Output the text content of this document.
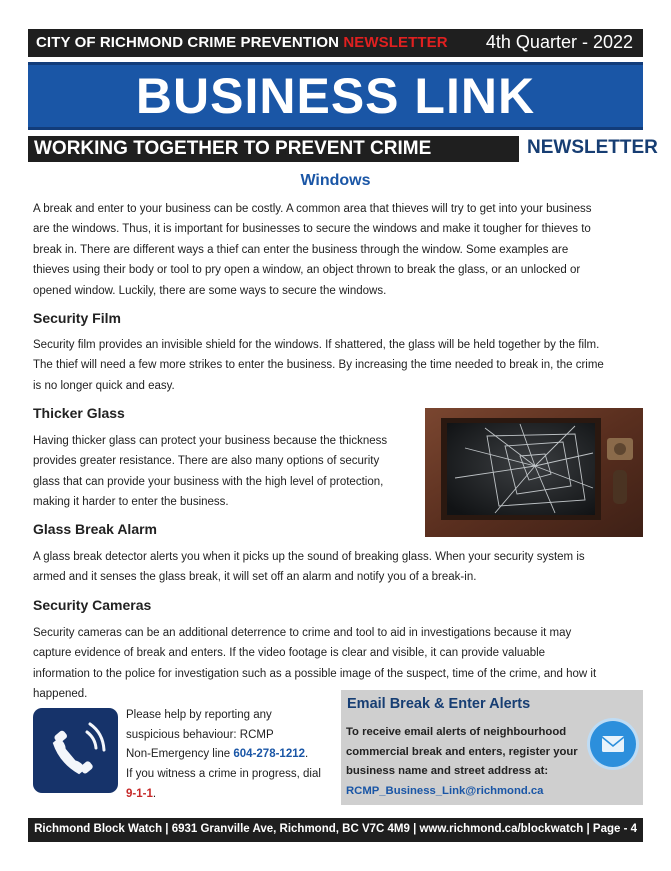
CITY OF RICHMOND CRIME PREVENTION NEWSLETTER 4th Quarter - 2022
BUSINESS LINK
WORKING TOGETHER TO PREVENT CRIME	NEWSLETTER
Windows
A break and enter to your business can be costly. A common area that thieves will try to get into your business
are the windows. Thus, it is important for businesses to secure the windows and make it tougher for thieves to
break in. There are different ways a thief can enter the business through the window. Some examples are
thieves using their body or tool to pry open a window, an object thrown to break the glass, or an unlocked or
opened window. Luckily, there are some ways to secure the windows.
Security Film
Security film provides an invisible shield for the windows. If shattered, the glass will be held together by the film.
The thief will need a few more strikes to enter the business. By increasing the time needed to break in, the crime
is no longer quick and easy.
Thicker Glass
Having thicker glass can protect your business because the thickness
provides greater resistance. There are also many options of security
glass that can provide your business with the high level of protection,
making it harder to enter the business.
Glass Break Alarm
A glass break detector alerts you when it picks up the sound of breaking glass. When your security system is
armed and it senses the glass break, it will set off an alarm and notify you of a break-in.
Security Cameras
Security cameras can be an additional deterrence to crime and tool to aid in investigations because it may
capture evidence of break and enters. If the video footage is clear and visible, it can provide valuable
information to the police for investigation such as a possible image of the suspect, time of the crime, and how it
happened.
Please help by reporting any
suspicious behaviour: RCMP
Non-Emergency line 604-278-1212.
If you witness a crime in progress, dial
9-1-1.
Email Break & Enter Alerts
To receive email alerts of neighbourhood
commercial break and enters, register your
business name and street address at:
RCMP_Business_Link@richmond.ca
Richmond Block Watch | 6931 Granville Ave, Richmond, BC V7C 4M9 | www.richmond.ca/blockwatch | Page - 4
